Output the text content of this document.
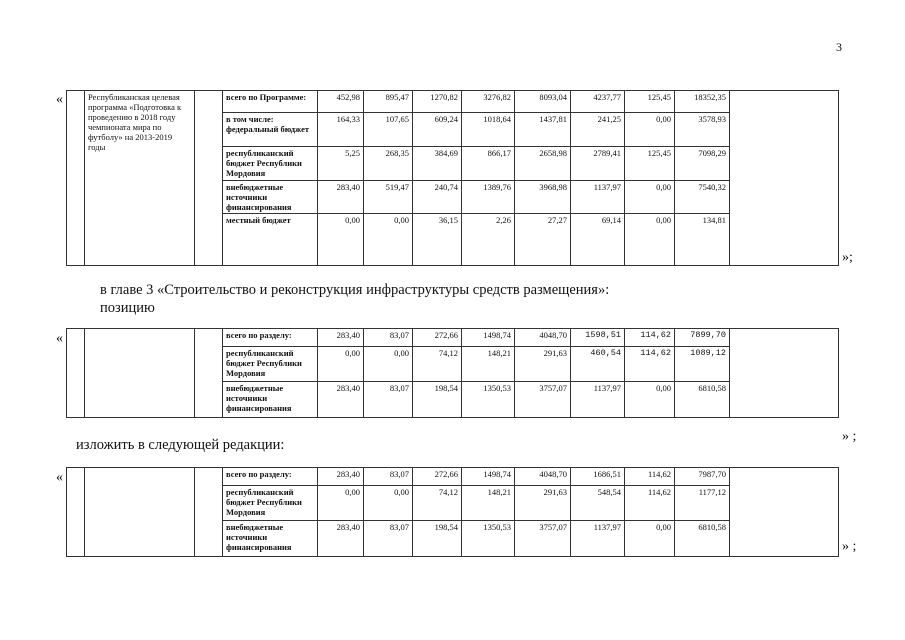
3
«
		Республиканская целевая программа «Подготовка к проведению в 2018 году чемпионата мира по футболу» на 2013-2019 годы		всего по Программе:	452,98	895,47	1270,82	3276,82	8093,04	4237,77	125,45	18352,35	
			в том числе: федеральный бюджет	164,33	107,65	609,24	1018,64	1437,81	241,25	0,00	3578,93	
			республиканский бюджет Республики Мордовия	5,25	268,35	384,69	866,17	2658,98	2789,41	125,45	7098,29	
			внебюджетные источники финансирования	283,40	519,47	240,74	1389,76	3968,98	1137,97	0,00	7540,32	
			местный бюджет	0,00	0,00	36,15	2,26	27,27	69,14	0,00	134,81	
»;
в главе 3 «Строительство и реконструкция инфраструктуры средств размещения»:
позицию
«
				всего по разделу:	283,40	83,07	272,66	1498,74	4048,70	1598,51	114,62	7899,70	
			республиканский бюджет Республики Мордовия	0,00	0,00	74,12	148,21	291,63	460,54	114,62	1089,12	
			внебюджетные источники финансирования	283,40	83,07	198,54	1350,53	3757,07	1137,97	0,00	6810,58	
» ;
изложить в следующей редакции:
«
				всего по разделу:	283,40	83,07	272,66	1498,74	4048,70	1686,51	114,62	7987,70	
			республиканский бюджет Республики Мордовия	0,00	0,00	74,12	148,21	291,63	548,54	114,62	1177,12	
			внебюджетные источники финансирования	283,40	83,07	198,54	1350,53	3757,07	1137,97	0,00	6810,58	
» ;
